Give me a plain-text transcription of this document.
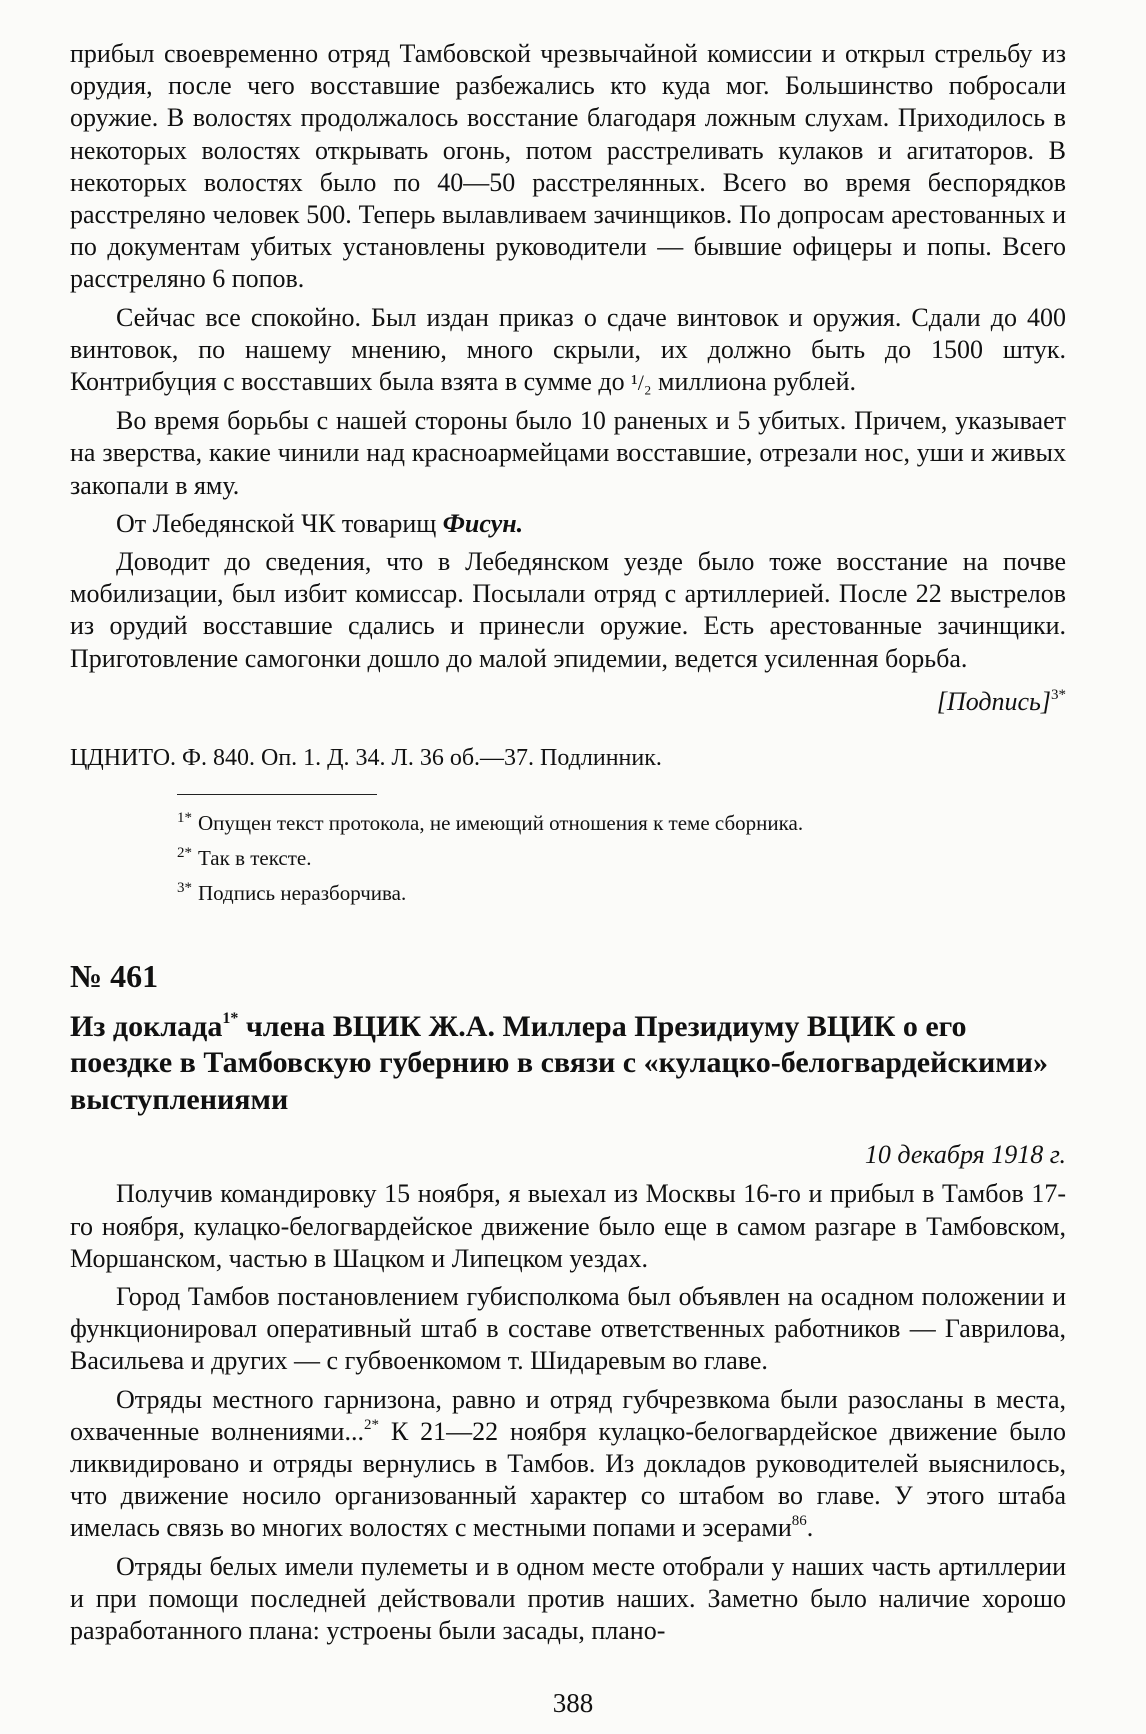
прибыл своевременно отряд Тамбовской чрезвычайной комиссии и открыл стрельбу из орудия, после чего восставшие разбежались кто куда мог. Большинство побросали оружие. В волостях продолжалось восстание благодаря ложным слухам. Приходилось в некоторых волостях открывать огонь, потом расстреливать кулаков и агитаторов. В некоторых волостях было по 40—50 расстрелянных. Всего во время беспорядков расстреляно человек 500. Теперь вылавливаем зачинщиков. По допросам арестованных и по документам убитых установлены руководители — бывшие офицеры и попы. Всего расстреляно 6 попов.

Сейчас все спокойно. Был издан приказ о сдаче винтовок и оружия. Сдали до 400 винтовок, по нашему мнению, много скрыли, их должно быть до 1500 штук. Контрибуция с восставших была взята в сумме до ¹/₂ миллиона рублей.

Во время борьбы с нашей стороны было 10 раненых и 5 убитых. Причем, указывает на зверства, какие чинили над красноармейцами восставшие, отрезали нос, уши и живых закопали в яму.

От Лебедянской ЧК товарищ Фисун.

Доводит до сведения, что в Лебедянском уезде было тоже восстание на почве мобилизации, был избит комиссар. Посылали отряд с артиллерией. После 22 выстрелов из орудий восставшие сдались и принесли оружие. Есть арестованные зачинщики. Приготовление самогонки дошло до малой эпидемии, ведется усиленная борьба.

[Подпись]$^{3*}$

ЦДНИТО. Ф. 840. Оп. 1. Д. 34. Л. 36 об.—37. Подлинник.

$^{1*}$ Опущен текст протокола, не имеющий отношения к теме сборника.
$^{2*}$ Так в тексте.
$^{3*}$ Подпись неразборчива.
№ 461
Из доклада$^{1*}$ члена ВЦИК Ж.А. Миллера Президиуму ВЦИК о его поездке в Тамбовскую губернию в связи с «кулацко-белогвардейскими» выступлениями
10 декабря 1918 г.

Получив командировку 15 ноября, я выехал из Москвы 16-го и прибыл в Тамбов 17-го ноября, кулацко-белогвардейское движение было еще в самом разгаре в Тамбовском, Моршанском, частью в Шацком и Липецком уездах.

Город Тамбов постановлением губисполкома был объявлен на осадном положении и функционировал оперативный штаб в составе ответственных работников — Гаврилова, Васильева и других — с губвоенкомом т. Шидаревым во главе.

Отряды местного гарнизона, равно и отряд губчрезвкома были разосланы в места, охваченные волнениями...$^{2*}$ К 21—22 ноября кулацко-белогвардейское движение было ликвидировано и отряды вернулись в Тамбов. Из докладов руководителей выяснилось, что движение носило организованный характер со штабом во главе. У этого штаба имелась связь во многих волостях с местными попами и эсерами$^{86}$.

Отряды белых имели пулеметы и в одном месте отобрали у наших часть артиллерии и при помощи последней действовали против наших. Заметно было наличие хорошо разработанного плана: устроены были засады, плано-

388
